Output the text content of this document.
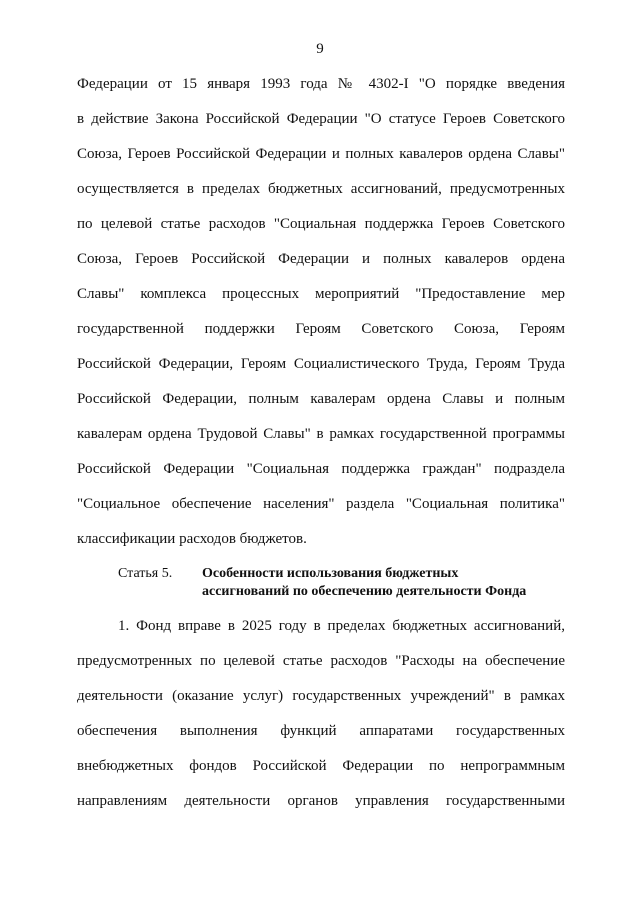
9
Федерации от 15 января 1993 года № 4302-I "О порядке введения
в действие Закона Российской Федерации "О статусе Героев Советского
Союза, Героев Российской Федерации и полных кавалеров ордена Славы"
осуществляется в пределах бюджетных ассигнований, предусмотренных
по целевой статье расходов "Социальная поддержка Героев Советского
Союза, Героев Российской Федерации и полных кавалеров ордена
Славы" комплекса процессных мероприятий "Предоставление мер
государственной поддержки Героям Советского Союза, Героям
Российской Федерации, Героям Социалистического Труда, Героям Труда
Российской Федерации, полным кавалерам ордена Славы и полным
кавалерам ордена Трудовой Славы" в рамках государственной программы
Российской Федерации "Социальная поддержка граждан" подраздела
"Социальное обеспечение населения" раздела "Социальная политика"
классификации расходов бюджетов.
Статья 5. Особенности использования бюджетных
ассигнований по обеспечению деятельности Фонда
1. Фонд вправе в 2025 году в пределах бюджетных ассигнований,
предусмотренных по целевой статье расходов "Расходы на обеспечение
деятельности (оказание услуг) государственных учреждений" в рамках
обеспечения выполнения функций аппаратами государственных
внебюджетных фондов Российской Федерации по непрограммным
направлениям деятельности органов управления государственными
